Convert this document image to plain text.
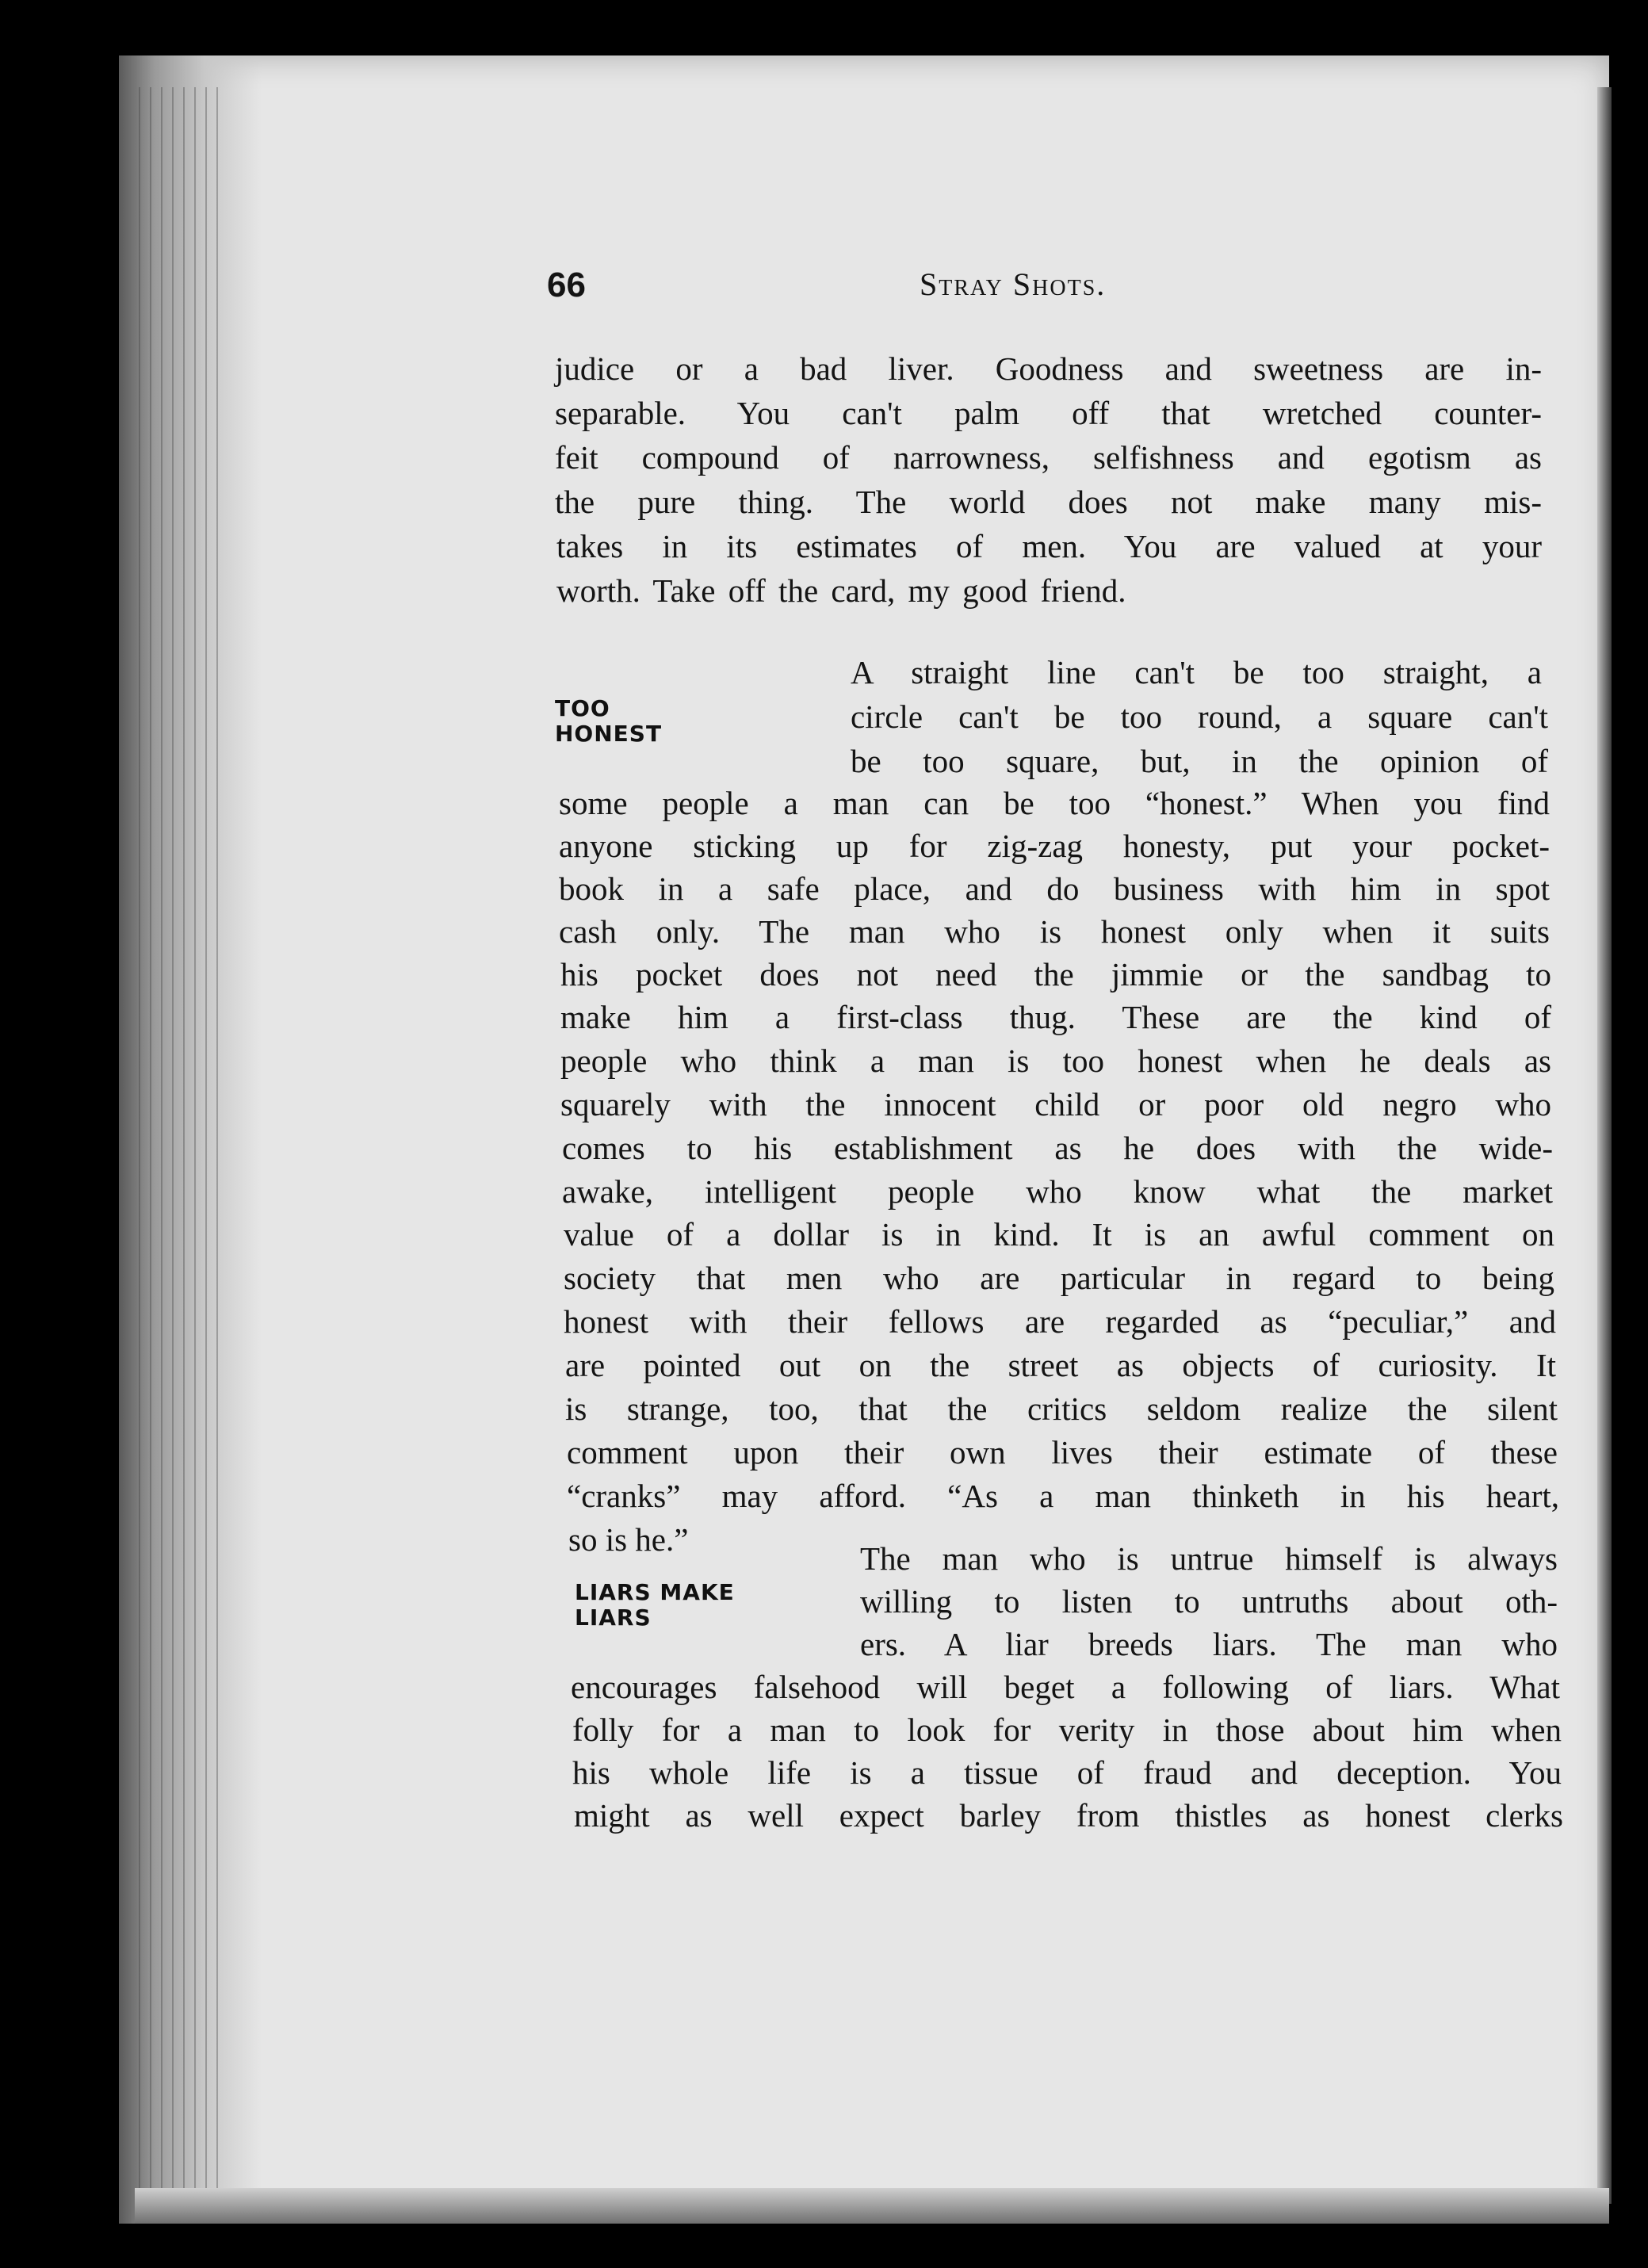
66	Stray Shots.
TOO
HONEST
LIARS MAKE
LIARS
judice or a bad liver. Goodness and sweetness are in-
separable. You can't palm off that wretched counter-
feit compound of narrowness, selfishness and egotism as
the pure thing. The world does not make many mis-
takes in its estimates of men. You are valued at your
worth. Take off the card, my good friend.
A straight line can't be too straight, a
circle can't be too round, a square can't
be too square, but, in the opinion of
some people a man can be too “honest.” When you find
anyone sticking up for zig-zag honesty, put your pocket-
book in a safe place, and do business with him in spot
cash only. The man who is honest only when it suits
his pocket does not need the jimmie or the sandbag to
make him a first-class thug. These are the kind of
people who think a man is too honest when he deals as
squarely with the innocent child or poor old negro who
comes to his establishment as he does with the wide-
awake, intelligent people who know what the market
value of a dollar is in kind. It is an awful comment on
society that men who are particular in regard to being
honest with their fellows are regarded as “peculiar,” and
are pointed out on the street as objects of curiosity. It
is strange, too, that the critics seldom realize the silent
comment upon their own lives their estimate of these
“cranks” may afford. “As a man thinketh in his heart,
so is he.”
The man who is untrue himself is always
willing to listen to untruths about oth-
ers. A liar breeds liars. The man who
encourages falsehood will beget a following of liars. What
folly for a man to look for verity in those about him when
his whole life is a tissue of fraud and deception. You
might as well expect barley from thistles as honest clerks
